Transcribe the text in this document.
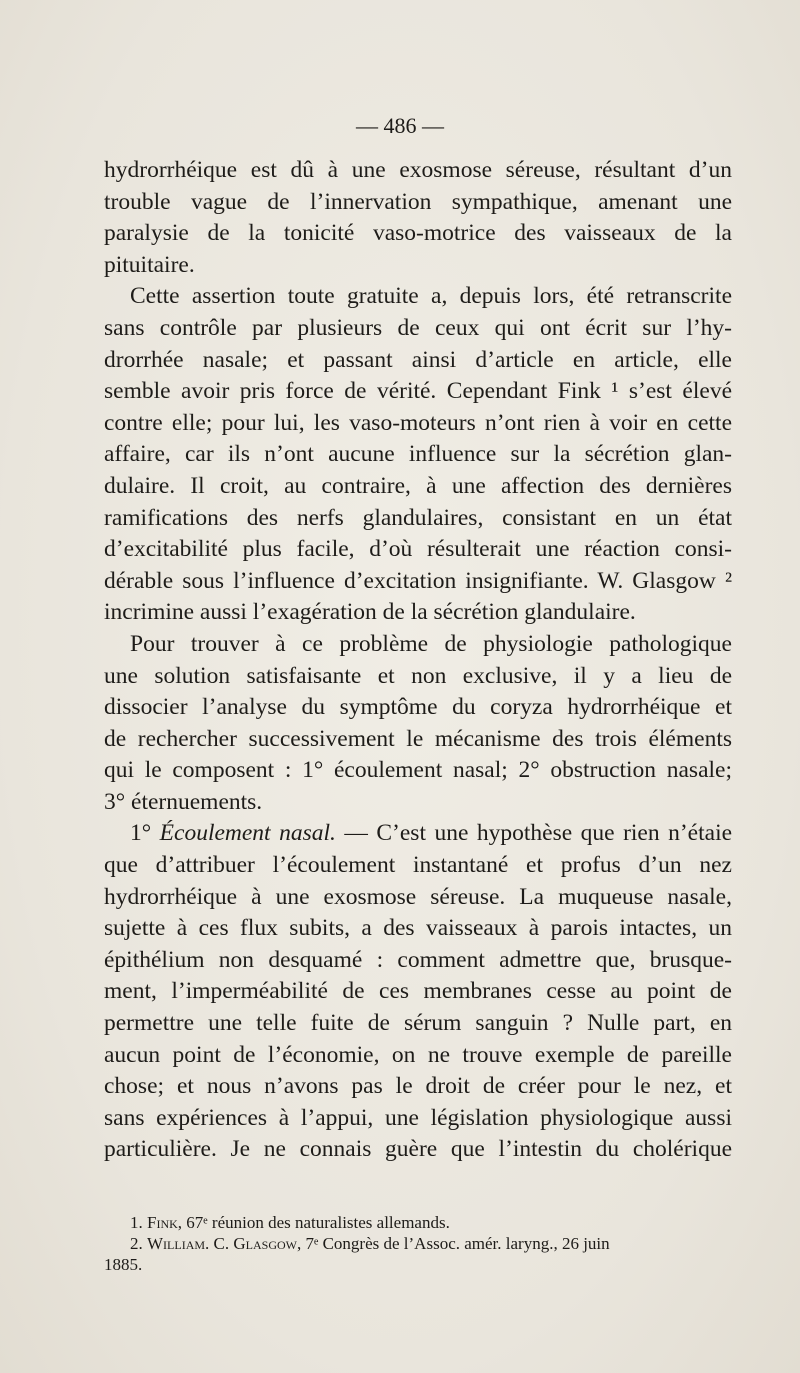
— 486 —
hydrorrhéique est dû à une exosmose séreuse, résultant d’un
trouble vague de l’innervation sympathique, amenant une
paralysie de la tonicité vaso-motrice des vaisseaux de la
pituitaire.
Cette assertion toute gratuite a, depuis lors, été retranscrite
sans contrôle par plusieurs de ceux qui ont écrit sur l’hy-
drorrhée nasale; et passant ainsi d’article en article, elle
semble avoir pris force de vérité. Cependant Fink ¹ s’est élevé
contre elle; pour lui, les vaso-moteurs n’ont rien à voir en cette
affaire, car ils n’ont aucune influence sur la sécrétion glan-
dulaire. Il croit, au contraire, à une affection des dernières
ramifications des nerfs glandulaires, consistant en un état
d’excitabilité plus facile, d’où résulterait une réaction consi-
dérable sous l’influence d’excitation insignifiante. W. Glasgow ²
incrimine aussi l’exagération de la sécrétion glandulaire.
Pour trouver à ce problème de physiologie pathologique
une solution satisfaisante et non exclusive, il y a lieu de
dissocier l’analyse du symptôme du coryza hydrorrhéique et
de rechercher successivement le mécanisme des trois éléments
qui le composent : 1° écoulement nasal; 2° obstruction nasale;
3° éternuements.
1° Écoulement nasal. — C’est une hypothèse que rien n’étaie
que d’attribuer l’écoulement instantané et profus d’un nez
hydrorrhéique à une exosmose séreuse. La muqueuse nasale,
sujette à ces flux subits, a des vaisseaux à parois intactes, un
épithélium non desquamé : comment admettre que, brusque-
ment, l’imperméabilité de ces membranes cesse au point de
permettre une telle fuite de sérum sanguin ? Nulle part, en
aucun point de l’économie, on ne trouve exemple de pareille
chose; et nous n’avons pas le droit de créer pour le nez, et
sans expériences à l’appui, une législation physiologique aussi
particulière. Je ne connais guère que l’intestin du cholérique
1. Fink, 67ᵉ réunion des naturalistes allemands.
2. William. C. Glasgow, 7ᵉ Congrès de l’Assoc. amér. laryng., 26 juin
1885.
